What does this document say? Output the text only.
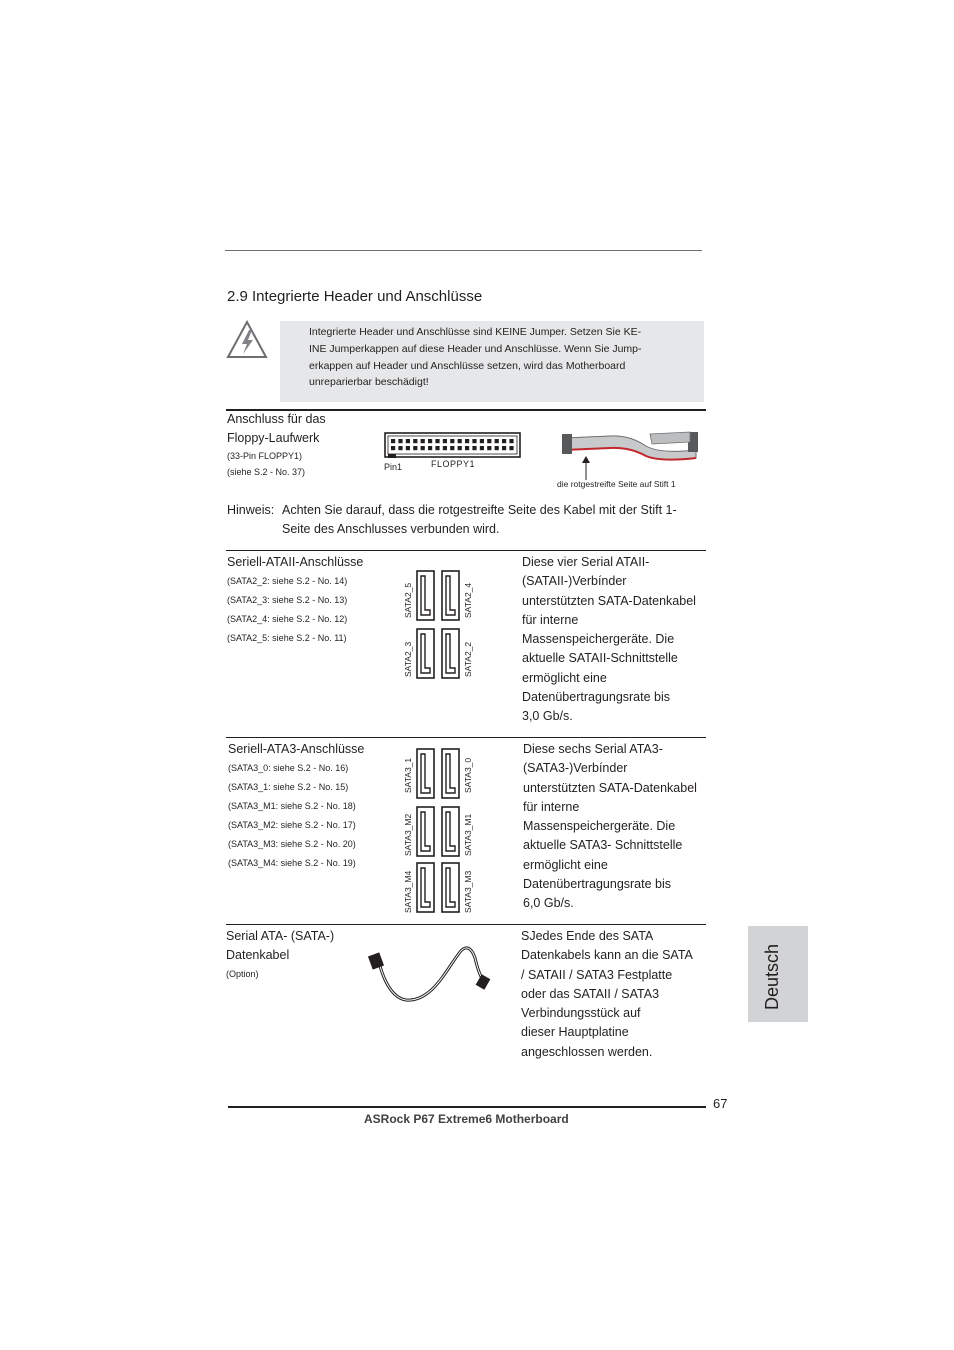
2.9 Integrierte Header und Anschlüsse
Integrierte Header und Anschlüsse sind KEINE Jumper. Setzen Sie KE-
INE Jumperkappen auf diese Header und Anschlüsse. Wenn Sie Jump-
erkappen auf Header und Anschlüsse setzen, wird das Motherboard
unreparierbar beschädigt!
Anschluss für das
Floppy-Laufwerk
(33-Pin FLOPPY1)
(siehe S.2 - No. 37)	Pin1	FLOPPY1
die rotgestreifte Seite auf Stift 1
Hinweis: Achten Sie darauf, dass die rotgestreifte Seite des Kabel mit der Stift 1-
Seite des Anschlusses verbunden wird.
Seriell-ATAII-Anschlüsse
(SATA2_2: siehe S.2 - No. 14)
(SATA2_3: siehe S.2 - No. 13)
(SATA2_4: siehe S.2 - No. 12)
(SATA2_5: siehe S.2 - No. 11)
SATA2_5	SATA2_4
SATA2_3	SATA2_2
Diese vier Serial ATAII-
(SATAII-)Verbínder
unterstützten SATA-Datenkabel
für interne
Massenspeichergeräte. Die
aktuelle SATAII-Schnittstelle
ermöglicht eine
Datenübertragungsrate bis
3,0 Gb/s.
Seriell-ATA3-Anschlüsse
(SATA3_0: siehe S.2 - No. 16)
(SATA3_1: siehe S.2 - No. 15)
(SATA3_M1: siehe S.2 - No. 18)
(SATA3_M2: siehe S.2 - No. 17)
(SATA3_M3: siehe S.2 - No. 20)
(SATA3_M4: siehe S.2 - No. 19)
SATA3_1	SATA3_0
SATA3_M2	SATA3_M1
SATA3_M4	SATA3_M3
Diese sechs Serial ATA3-
(SATA3-)Verbínder
unterstützten SATA-Datenkabel
für interne
Massenspeichergeräte. Die
aktuelle SATA3- Schnittstelle
ermöglicht eine
Datenübertragungsrate bis
6,0 Gb/s.
Serial ATA- (SATA-)
Datenkabel
(Option)
SJedes Ende des SATA
Datenkabels kann an die SATA
/ SATAII / SATA3 Festplatte
oder das SATAII / SATA3
Verbindungsstück auf
dieser Hauptplatine
angeschlossen werden.
Deutsch
67
ASRock P67 Extreme6 Motherboard
